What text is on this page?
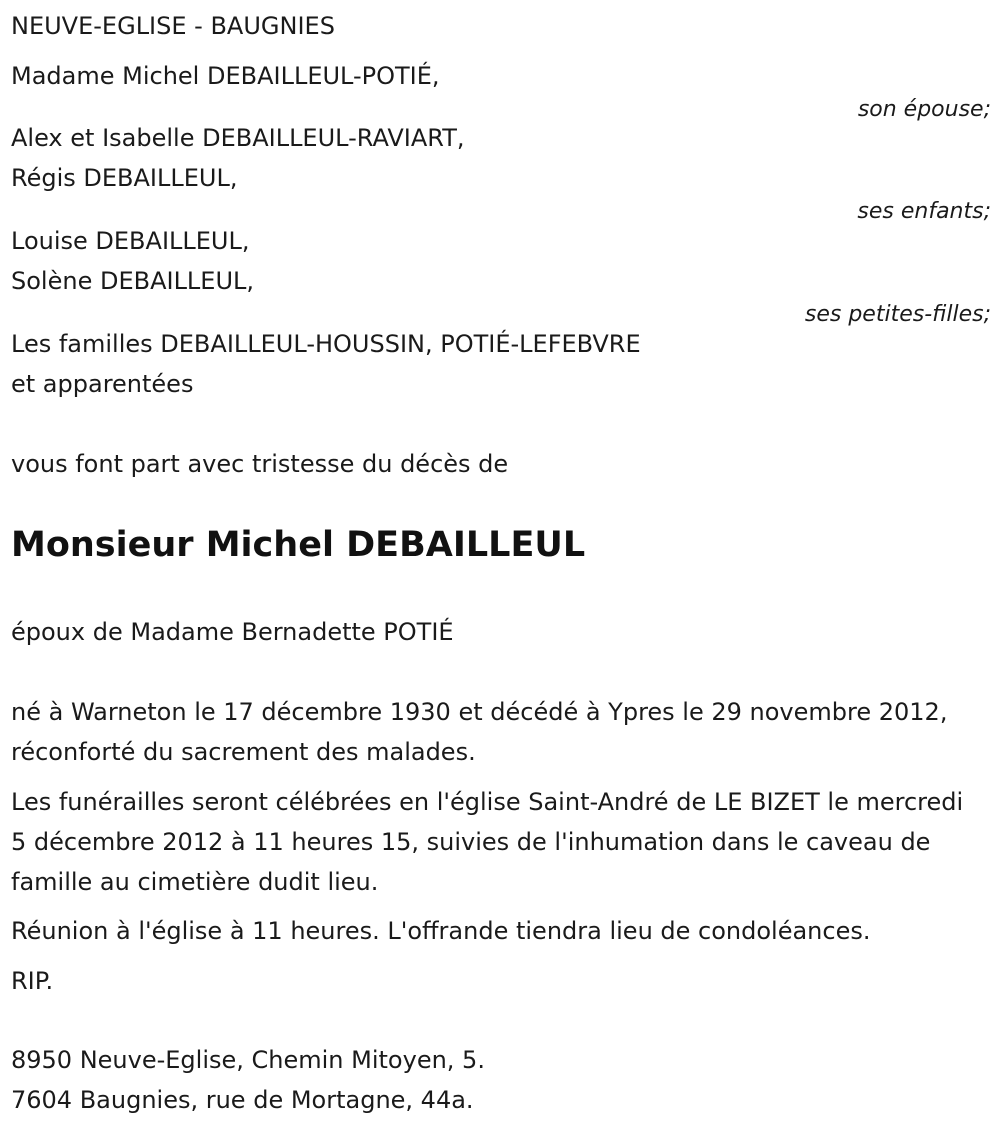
NEUVE-EGLISE - BAUGNIES
Madame Michel DEBAILLEUL-POTIÉ,
son épouse;
Alex et Isabelle DEBAILLEUL-RAVIART,
Régis DEBAILLEUL,
ses enfants;
Louise DEBAILLEUL,
Solène DEBAILLEUL,
ses petites-filles;
Les familles DEBAILLEUL-HOUSSIN, POTIÉ-LEFEBVRE
et apparentées
vous font part avec tristesse du décès de
Monsieur Michel DEBAILLEUL
époux de Madame Bernadette POTIÉ
né à Warneton le 17 décembre 1930 et décédé à Ypres le 29 novembre 2012, réconforté du sacrement des malades.
Les funérailles seront célébrées en l'église Saint-André de LE BIZET le mercredi 5 décembre 2012 à 11 heures 15, suivies de l'inhumation dans le caveau de famille au cimetière dudit lieu.
Réunion à l'église à 11 heures. L'offrande tiendra lieu de condoléances.
RIP.
8950 Neuve-Eglise, Chemin Mitoyen, 5.
7604 Baugnies, rue de Mortagne, 44a.
